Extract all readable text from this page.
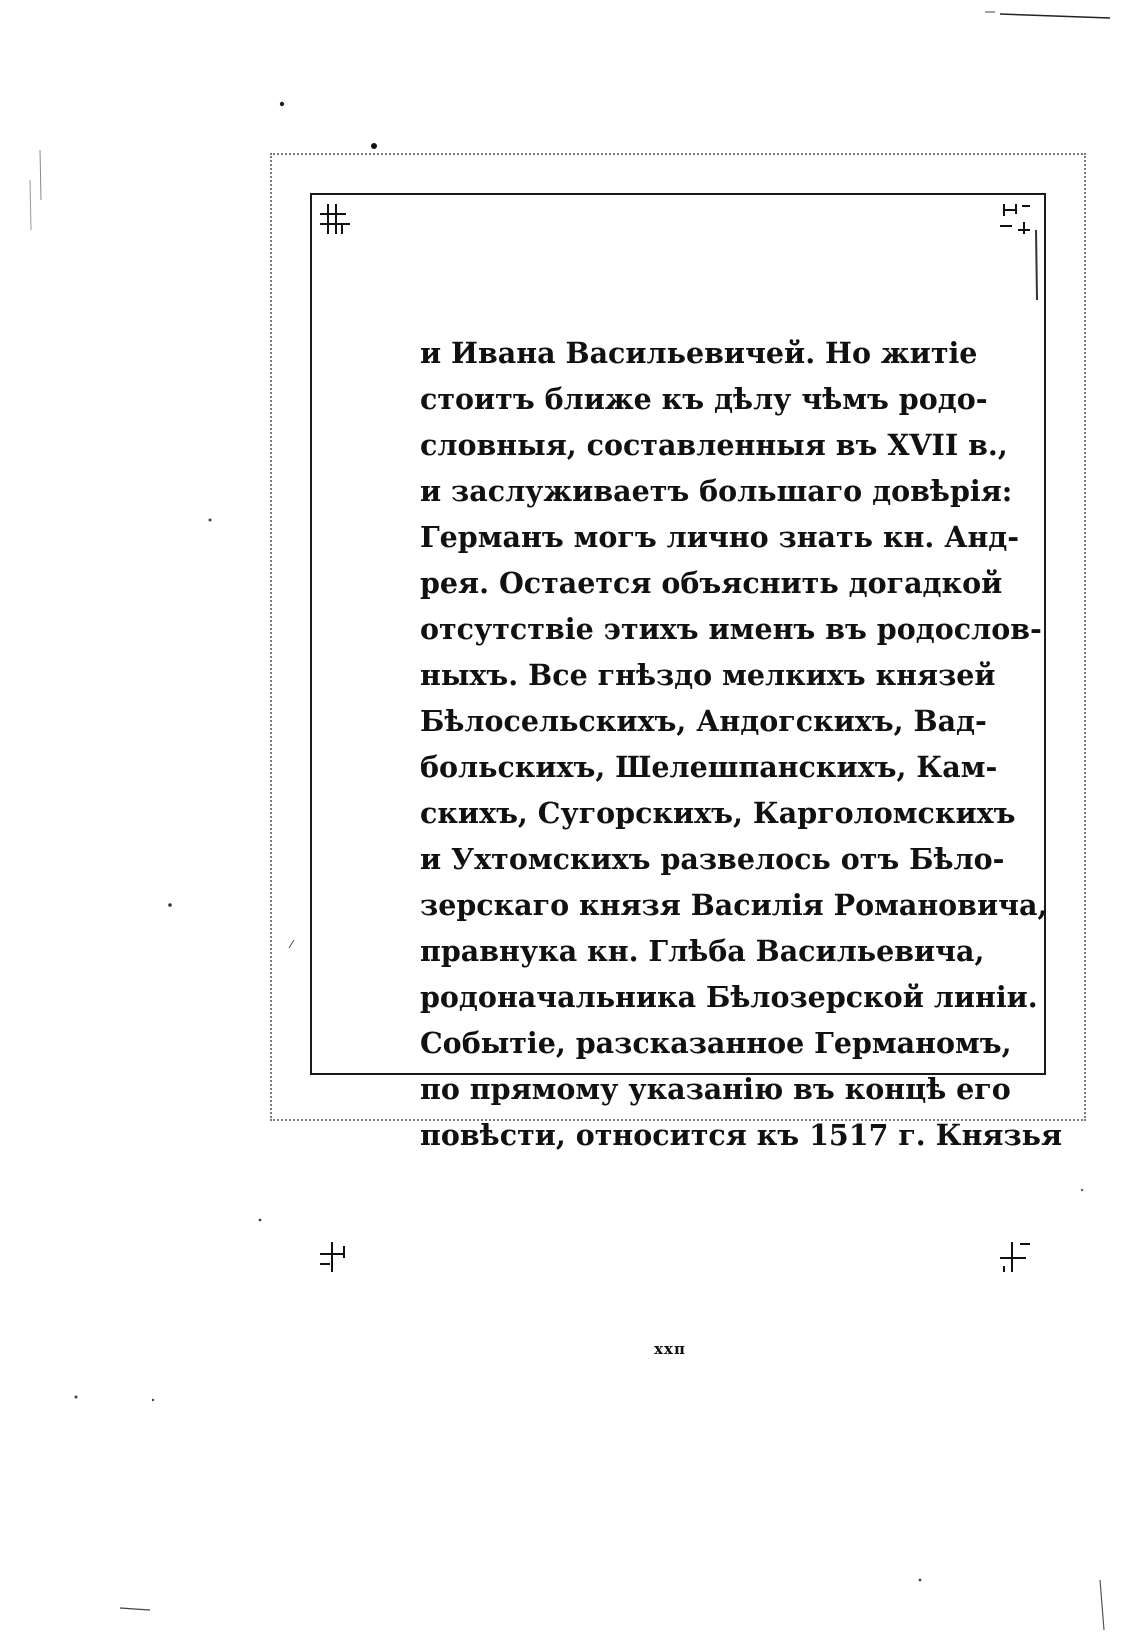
и Ивана Васильевичей. Но житіе
стоитъ ближе къ дѣлу чѣмъ родо-
словныя, составленныя въ XVII в.,
и заслуживаетъ большаго довѣрія:
Германъ могъ лично знать кн. Анд-
рея. Остается объяснить догадкой
отсутствіе этихъ именъ въ родослов-
ныхъ. Все гнѣздо мелкихъ князей
Бѣлосельскихъ, Андогскихъ, Вад-
больскихъ, Шелешпанскихъ, Кам-
скихъ, Сугорскихъ, Карголомскихъ
и Ухтомскихъ развелось отъ Бѣло-
зерскаго князя Василія Романовича,
правнука кн. Глѣба Васильевича,
родоначальника Бѣлозерской линіи.
Событіе, разсказанное Германомъ,
по прямому указанію въ концѣ его
повѣсти, относится къ 1517 г. Князья
ххп
